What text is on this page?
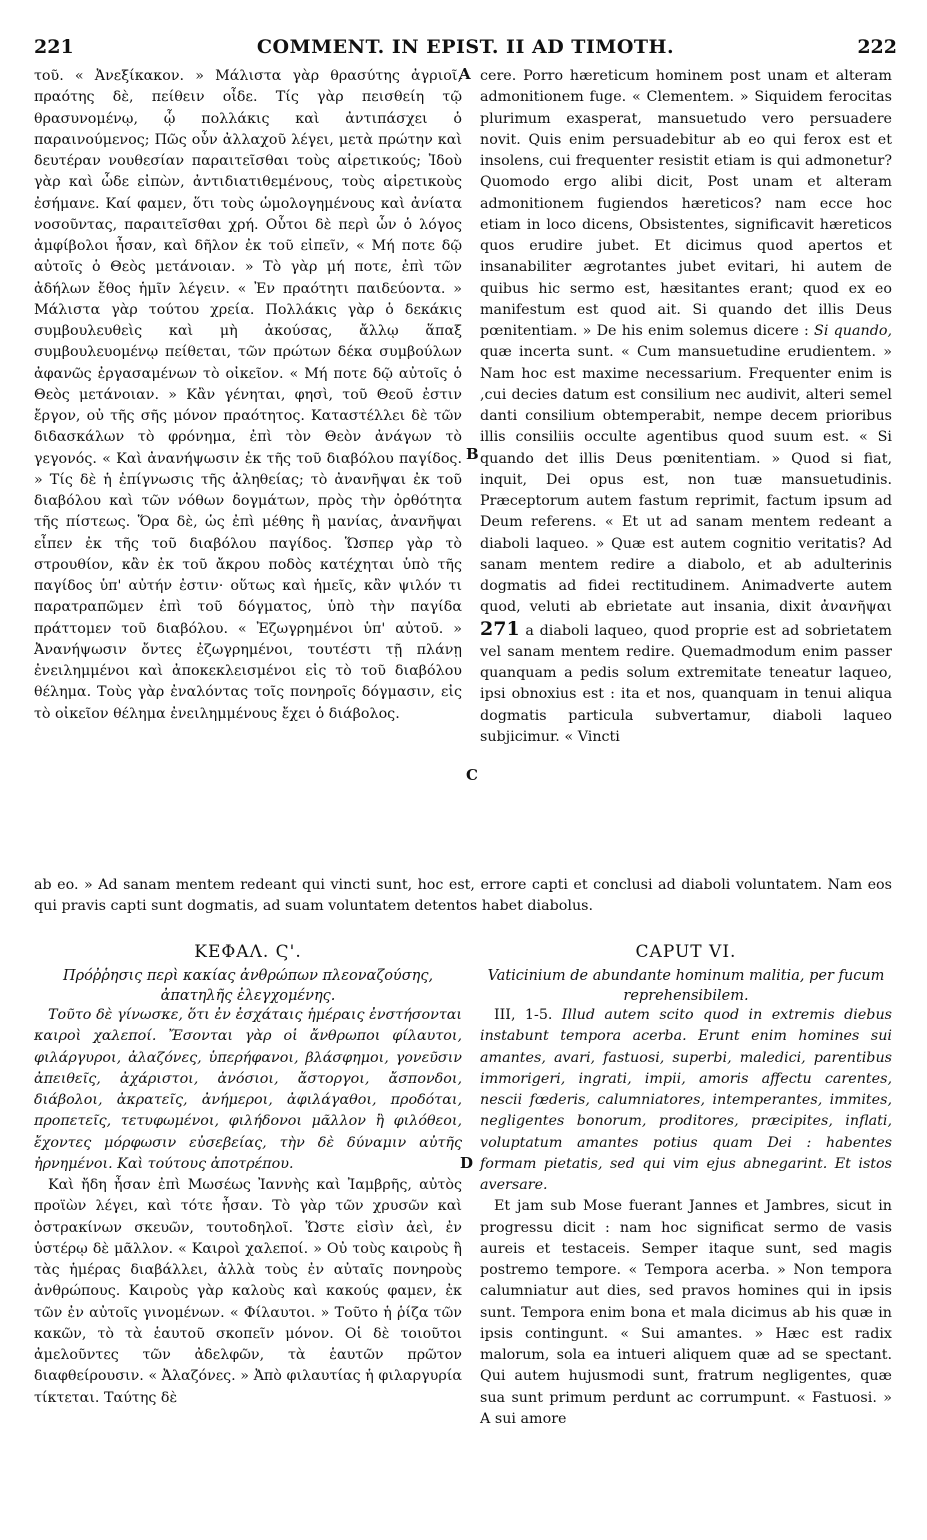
221	COMMENT. IN EPIST. II AD TIMOTH.	222
A
B
C
D

τοῦ. « Ἀνεξίκακον. » Μάλιστα γὰρ θρασύτης ἀγριοῖ, πραότης δὲ, πείθειν οἶδε. Τίς γὰρ πεισθείη τῷ θρασυνομένῳ, ᾧ πολλάκις καὶ ἀντιπάσχει ὁ παραινούμενος; Πῶς οὖν ἀλλαχοῦ λέγει, μετὰ πρώτην καὶ δευτέραν νουθεσίαν παραιτεῖσθαι τοὺς αἱρετικούς; Ἰδοὺ γὰρ καὶ ὧδε εἰπὼν, ἀντιδιατιθεμένους, τοὺς αἱρετικοὺς ἐσήμανε. Καί φαμεν, ὅτι τοὺς ὡμολογημένους καὶ ἀνίατα νοσοῦντας, παραιτεῖσθαι χρή. Οὗτοι δὲ περὶ ὧν ὁ λόγος ἀμφίβολοι ἦσαν, καὶ δῆλον ἐκ τοῦ εἰπεῖν, « Μή ποτε δῷ αὐτοῖς ὁ Θεὸς μετάνοιαν. » Τὸ γὰρ μή ποτε, ἐπὶ τῶν ἀδήλων ἔθος ἡμῖν λέγειν. « Ἐν πραότητι παιδεύοντα. » Μάλιστα γὰρ τούτου χρεία. Πολλάκις γὰρ ὁ δεκάκις συμβουλευθεὶς καὶ μὴ ἀκούσας, ἄλλῳ ἅπαξ συμβουλευομένῳ πείθεται, τῶν πρώτων δέκα συμβούλων ἀφανῶς ἐργασαμένων τὸ οἰκεῖον. « Μή ποτε δῷ αὐτοῖς ὁ Θεὸς μετάνοιαν. » Κἂν γένηται, φησὶ, τοῦ Θεοῦ ἐστιν ἔργον, οὐ τῆς σῆς μόνον πραότητος. Καταστέλλει δὲ τῶν διδασκάλων τὸ φρόνημα, ἐπὶ τὸν Θεὸν ἀνάγων τὸ γεγονός. « Καὶ ἀνανήψωσιν ἐκ τῆς τοῦ διαβόλου παγίδος. » Τίς δὲ ἡ ἐπίγνωσις τῆς ἀληθείας; τὸ ἀνανῆψαι ἐκ τοῦ διαβόλου καὶ τῶν νόθων δογμάτων, πρὸς τὴν ὀρθότητα τῆς πίστεως. Ὅρα δὲ, ὡς ἐπὶ μέθης ἢ μανίας, ἀνανῆψαι εἶπεν ἐκ τῆς τοῦ διαβόλου παγίδος. Ὥσπερ γὰρ τὸ στρουθίον, κἂν ἐκ τοῦ ἄκρου ποδὸς κατέχηται ὑπὸ τῆς παγίδος ὑπ' αὐτήν ἐστιν· οὕτως καὶ ἡμεῖς, κἂν ψιλόν τι παρατραπῶμεν ἐπὶ τοῦ δόγματος, ὑπὸ τὴν παγίδα πράττομεν τοῦ διαβόλου. « Ἐζωγρημένοι ὑπ' αὐτοῦ. » Ἀνανήψωσιν ὄντες ἐζωγρημένοι, τουτέστι τῇ πλάνῃ ἐνειλημμένοι καὶ ἀποκεκλεισμένοι εἰς τὸ τοῦ διαβόλου θέλημα. Τοὺς γὰρ ἐναλόντας τοῖς πονηροῖς δόγμασιν, εἰς τὸ οἰκεῖον θέλημα ἐνειλημμένους ἔχει ὁ διάβολος.

cere. Porro hæreticum hominem post unam et alteram admonitionem fuge. « Clementem. » Siquidem ferocitas plurimum exasperat, mansuetudo vero persuadere novit. Quis enim persuadebitur ab eo qui ferox est et insolens, cui frequenter resistit etiam is qui admonetur? Quomodo ergo alibi dicit, Post unam et alteram admonitionem fugiendos hæreticos? nam ecce hoc etiam in loco dicens, Obsistentes, significavit hæreticos quos erudire jubet. Et dicimus quod apertos et insanabiliter ægrotantes jubet evitari, hi autem de quibus hic sermo est, hæsitantes erant; quod ex eo manifestum est quod ait. Si quando det illis Deus pœnitentiam. » De his enim solemus dicere : Si quando, quæ incerta sunt. « Cum mansuetudine erudientem. » Nam hoc est maxime necessarium. Frequenter enim is ,cui decies datum est consilium nec audivit, alteri semel danti consilium obtemperabit, nempe decem prioribus illis consiliis occulte agentibus quod suum est. « Si quando det illis Deus pœnitentiam. » Quod si fiat, inquit, Dei opus est, non tuæ mansuetudinis. Præceptorum autem fastum reprimit, factum ipsum ad Deum referens. « Et ut ad sanam mentem redeant a diaboli laqueo. » Quæ est autem cognitio veritatis? Ad sanam mentem redire a diabolo, et ab adulterinis dogmatis ad fidei rectitudinem. Animadverte autem quod, veluti ab ebrietate aut insania, dixit ἀνανῆψαι 271 a diaboli laqueo, quod proprie est ad sobrietatem vel sanam mentem redire. Quemadmodum enim passer quanquam a pedis solum extremitate teneatur laqueo, ipsi obnoxius est : ita et nos, quanquam in tenui aliqua dogmatis particula subvertamur, diaboli laqueo subjicimur. « Vincti

ab eo. » Ad sanam mentem redeant qui vincti sunt, hoc est, errore capti et conclusi ad diaboli voluntatem. Nam eos qui pravis capti sunt dogmatis, ad suam voluntatem detentos habet diabolus.

ΚΕΦΑΛ. Ϛ'.
Πρόῤῥησις περὶ κακίας ἀνθρώπων πλεοναζούσης, ἀπατηλῆς ἐλεγχομένης.

Τοῦτο δὲ γίνωσκε, ὅτι ἐν ἐσχάταις ἡμέραις ἐνστήσονται καιροὶ χαλεποί. Ἔσονται γὰρ οἱ ἄνθρωποι φίλαυτοι, φιλάργυροι, ἀλαζόνες, ὑπερήφανοι, βλάσφημοι, γονεῦσιν ἀπειθεῖς, ἀχάριστοι, ἀνόσιοι, ἄστοργοι, ἄσπονδοι, διάβολοι, ἀκρατεῖς, ἀνήμεροι, ἀφιλάγαθοι, προδόται, προπετεῖς, τετυφωμένοι, φιλήδονοι μᾶλλον ἢ φιλόθεοι, ἔχοντες μόρφωσιν εὐσεβείας, τὴν δὲ δύναμιν αὐτῆς ἠρνημένοι. Καὶ τούτους ἀποτρέπου.

Καὶ ἤδη ἦσαν ἐπὶ Μωσέως Ἰαννὴς καὶ Ἰαμβρῆς, αὐτὸς προϊὼν λέγει, καὶ τότε ἦσαν. Τὸ γὰρ τῶν χρυσῶν καὶ ὀστρακίνων σκευῶν, τουτοδηλοῖ. Ὥστε εἰσὶν ἀεὶ, ἐν ὑστέρῳ δὲ μᾶλλον. « Καιροὶ χαλεποί. » Οὐ τοὺς καιροὺς ἢ τὰς ἡμέρας διαβάλλει, ἀλλὰ τοὺς ἐν αὐταῖς πονηροὺς ἀνθρώπους. Καιροὺς γὰρ καλοὺς καὶ κακούς φαμεν, ἐκ τῶν ἐν αὐτοῖς γινομένων. « Φίλαυτοι. » Τοῦτο ἡ ῥίζα τῶν κακῶν, τὸ τὰ ἑαυτοῦ σκοπεῖν μόνον. Οἱ δὲ τοιοῦτοι ἀμελοῦντες τῶν ἀδελφῶν, τὰ ἑαυτῶν πρῶτον διαφθείρουσιν. « Ἀλαζόνες. » Ἀπὸ φιλαυτίας ἡ φιλαργυρία τίκτεται. Ταύτης δὲ

CAPUT VI.
Vaticinium de abundante hominum malitia, per fucum reprehensibilem.

III, 1-5. Illud autem scito quod in extremis diebus instabunt tempora acerba. Erunt enim homines sui amantes, avari, fastuosi, superbi, maledici, parentibus immorigeri, ingrati, impii, amoris affectu carentes, nescii fœderis, calumniatores, intemperantes, immites, negligentes bonorum, proditores, præcipites, inflati, voluptatum amantes potius quam Dei : habentes formam pietatis, sed qui vim ejus abnegarint. Et istos aversare.

Et jam sub Mose fuerant Jannes et Jambres, sicut in progressu dicit : nam hoc significat sermo de vasis aureis et testaceis. Semper itaque sunt, sed magis postremo tempore. « Tempora acerba. » Non tempora calumniatur aut dies, sed pravos homines qui in ipsis sunt. Tempora enim bona et mala dicimus ab his quæ in ipsis contingunt. « Sui amantes. » Hæc est radix malorum, sola ea intueri aliquem quæ ad se spectant. Qui autem hujusmodi sunt, fratrum negligentes, quæ sua sunt primum perdunt ac corrumpunt. « Fastuosi. » A sui amore
